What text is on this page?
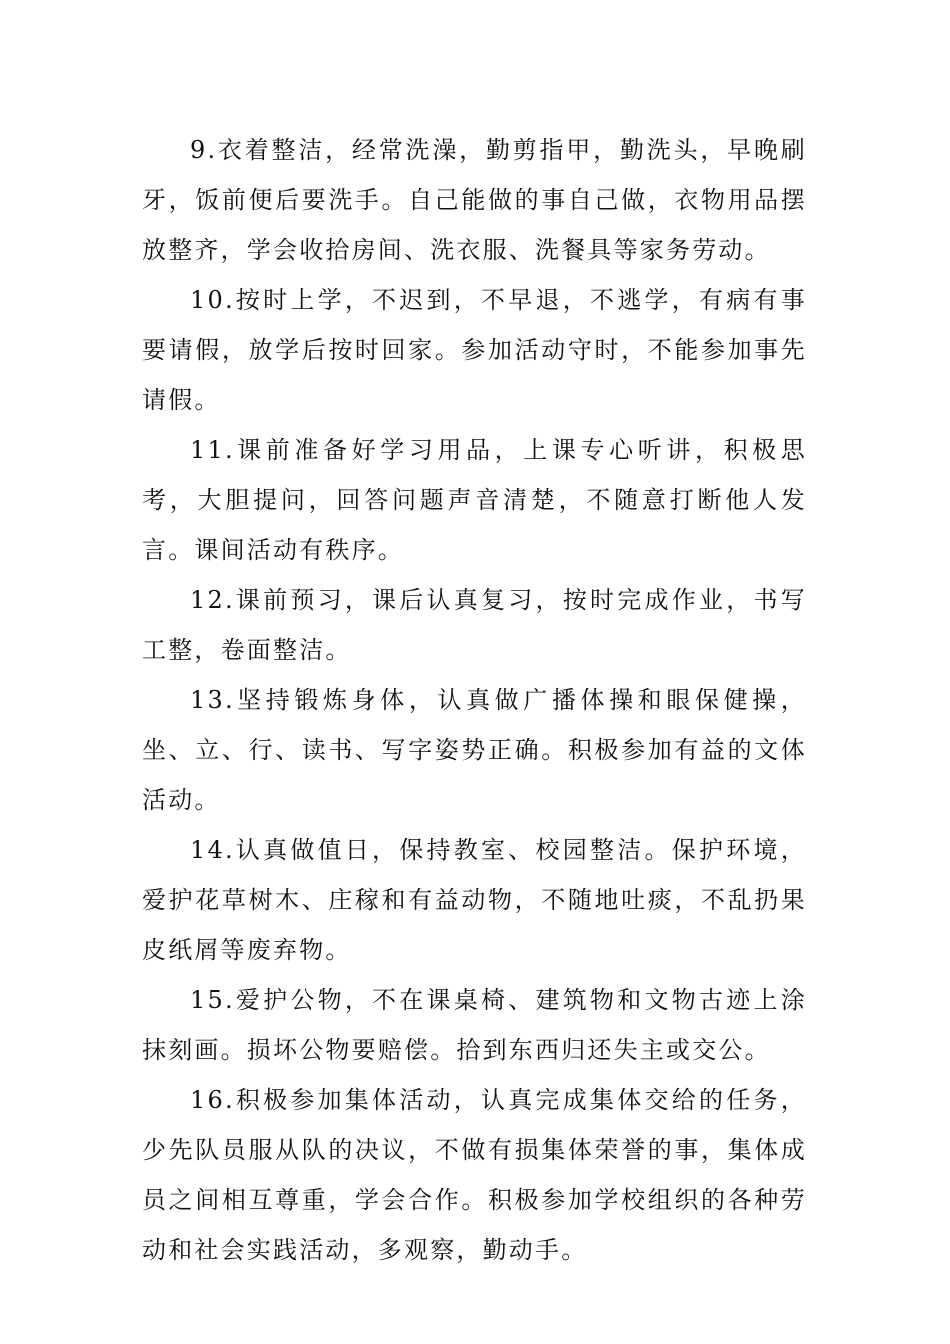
9.衣着整洁，经常洗澡，勤剪指甲，勤洗头，早晚刷牙，饭前便后要洗手。自己能做的事自己做，衣物用品摆放整齐，学会收拾房间、洗衣服、洗餐具等家务劳动。

10.按时上学，不迟到，不早退，不逃学，有病有事要请假，放学后按时回家。参加活动守时，不能参加事先请假。

11.课前准备好学习用品，上课专心听讲，积极思考，大胆提问，回答问题声音清楚，不随意打断他人发言。课间活动有秩序。

12.课前预习，课后认真复习，按时完成作业，书写工整，卷面整洁。

13.坚持锻炼身体，认真做广播体操和眼保健操，坐、立、行、读书、写字姿势正确。积极参加有益的文体活动。

14.认真做值日，保持教室、校园整洁。保护环境，爱护花草树木、庄稼和有益动物，不随地吐痰，不乱扔果皮纸屑等废弃物。

15.爱护公物，不在课桌椅、建筑物和文物古迹上涂抹刻画。损坏公物要赔偿。拾到东西归还失主或交公。

16.积极参加集体活动，认真完成集体交给的任务，少先队员服从队的决议，不做有损集体荣誉的事，集体成员之间相互尊重，学会合作。积极参加学校组织的各种劳动和社会实践活动，多观察，勤动手。
